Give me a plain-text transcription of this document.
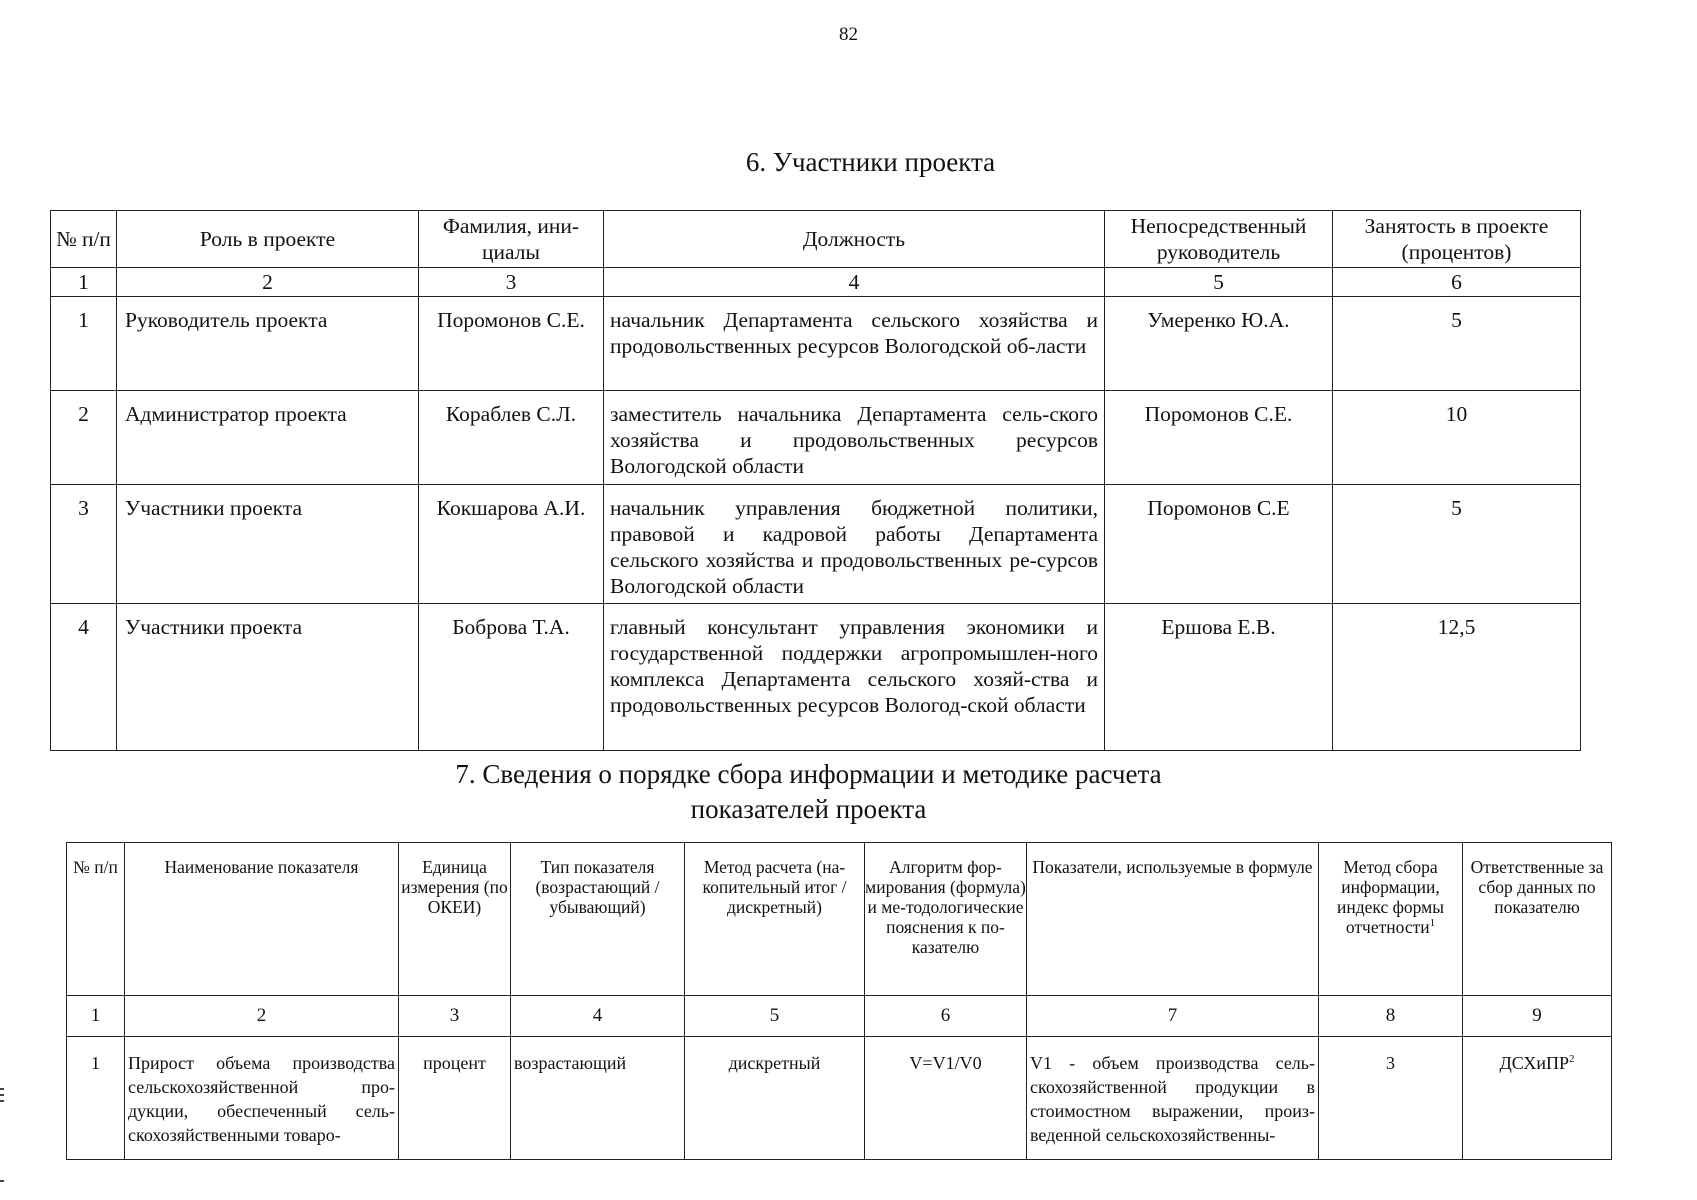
82
6. Участники проекта
№ п/п	Роль в проекте	Фамилия, ини-циалы	Должность	Непосредственный руководитель	Занятость в проекте (процентов)
1	2	3	4	5	6
1	Руководитель проекта	Поромонов С.Е.	начальник Департамента сельского хозяйства и продовольственных ресурсов Вологодской об-ласти	Умеренко Ю.А.	5
2	Администратор проекта	Кораблев С.Л.	заместитель начальника Департамента сель-ского хозяйства и продовольственных ресурсов Вологодской области	Поромонов С.Е.	10
3	Участники проекта	Кокшарова А.И.	начальник управления бюджетной политики, правовой и кадровой работы Департамента сельского хозяйства и продовольственных ре-сурсов Вологодской области	Поромонов С.Е	5
4	Участники проекта	Боброва Т.А.	главный консультант управления экономики и государственной поддержки агропромышлен-ного комплекса Департамента сельского хозяй-ства и продовольственных ресурсов Вологод-ской области	Ершова Е.В.	12,5
7. Сведения о порядке сбора информации и методике расчета
показателей проекта
№ п/п	Наименование показателя	Единица измерения (по ОКЕИ)	Тип показателя (возрастающий / убывающий)	Метод расчета (на-копительный итог / дискретный)	Алгоритм фор-мирования (формула) и ме-тодологические пояснения к по-казателю	Показатели, используемые в формуле	Метод сбора информации, индекс формы отчетности$^1$	Ответственные за сбор данных по показателю
1	2	3	4	5	6	7	8	9
1	Прирост объема производства сельскохозяйственной про-дукции, обеспеченный сель-скохозяйственными товаро-	процент	возрастающий	дискретный	V=V1/V0	V1 - объем производства сель-скохозяйственной продукции в стоимостном выражении, произ-веденной сельскохозяйственны-	3	ДСХиПР$^2$
